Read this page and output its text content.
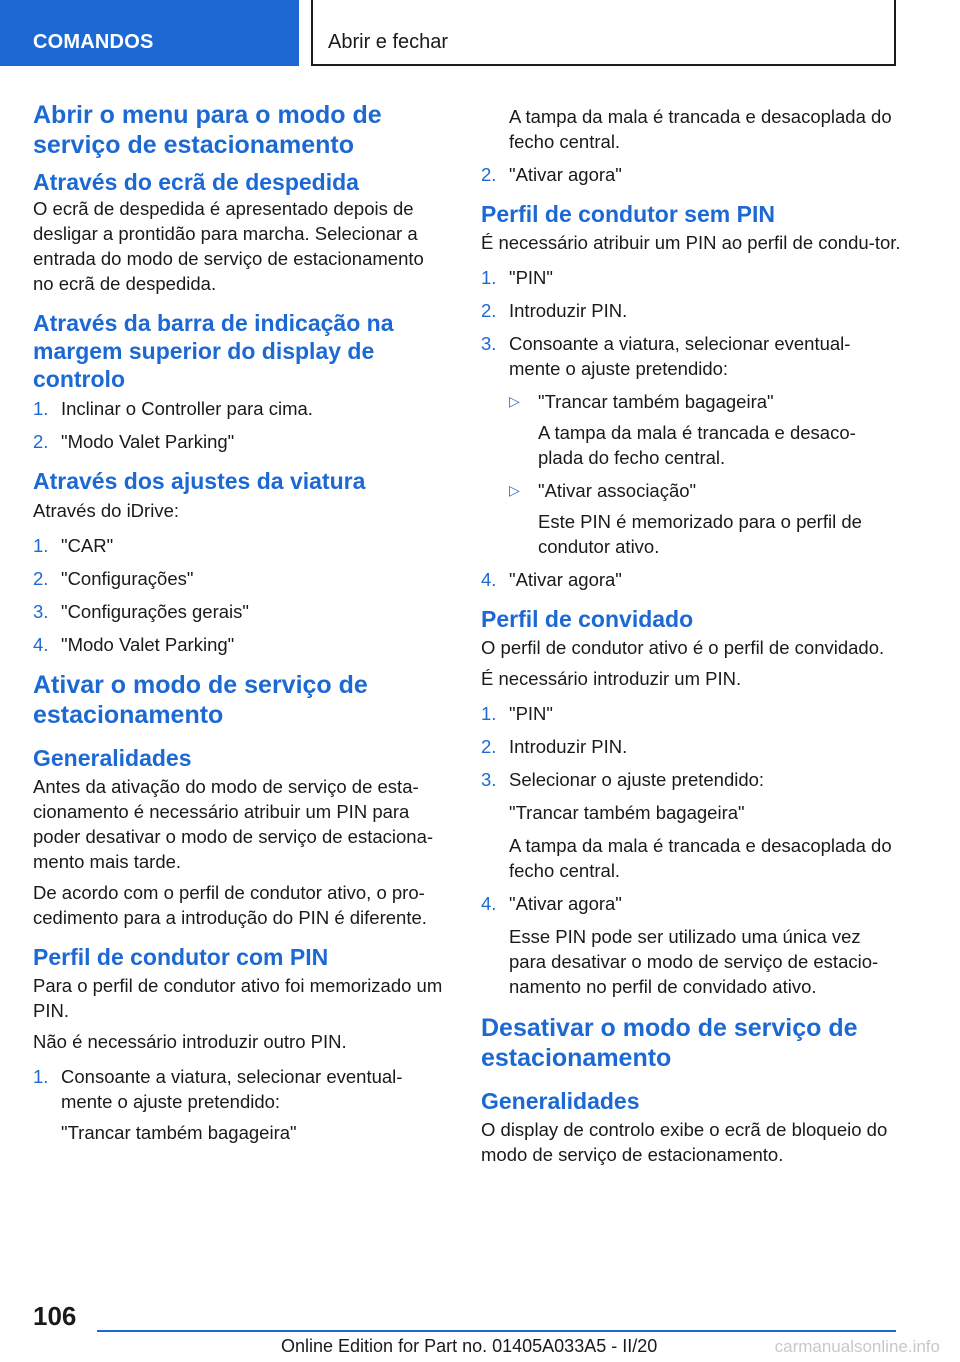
COMANDOS	Abrir e fechar
Abrir o menu para o modo de serviço de estacionamento
Através do ecrã de despedida

O ecrã de despedida é apresentado depois de desligar a prontidão para marcha. Selecionar a entrada do modo de serviço de estacionamento no ecrã de despedida.

Através da barra de indicação na margem superior do display de controlo
1. Inclinar o Controller para cima.
2. "Modo Valet Parking"
Através dos ajustes da viatura

Através do iDrive:

1. "CAR"
2. "Configurações"
3. "Configurações gerais"
4. "Modo Valet Parking"
Ativar o modo de serviço de estacionamento
Generalidades

Antes da ativação do modo de serviço de esta-cionamento é necessário atribuir um PIN para poder desativar o modo de serviço de estaciona-mento mais tarde.

De acordo com o perfil de condutor ativo, o pro-cedimento para a introdução do PIN é diferente.

Perfil de condutor com PIN

Para o perfil de condutor ativo foi memorizado um PIN.

Não é necessário introduzir outro PIN.

1. Consoante a viatura, selecionar eventual-mente o ajuste pretendido:
"Trancar também bagageira"
A tampa da mala é trancada e desacoplada do fecho central.
2. "Ativar agora"
Perfil de condutor sem PIN

É necessário atribuir um PIN ao perfil de condu-tor.

1. "PIN"
2. Introduzir PIN.
3. Consoante a viatura, selecionar eventual-mente o ajuste pretendido:
▷ "Trancar também bagageira"
A tampa da mala é trancada e desaco-plada do fecho central.
▷ "Ativar associação"
Este PIN é memorizado para o perfil de condutor ativo.
4. "Ativar agora"
Perfil de convidado

O perfil de condutor ativo é o perfil de convidado.

É necessário introduzir um PIN.

1. "PIN"
2. Introduzir PIN.
3. Selecionar o ajuste pretendido:
"Trancar também bagageira"
A tampa da mala é trancada e desacoplada do fecho central.
4. "Ativar agora"
Esse PIN pode ser utilizado uma única vez para desativar o modo de serviço de estacio-namento no perfil de convidado ativo.
Desativar o modo de serviço de estacionamento
Generalidades

O display de controlo exibe o ecrã de bloqueio do modo de serviço de estacionamento.

106
Online Edition for Part no. 01405A033A5 - II/20	carmanualsonline.info
